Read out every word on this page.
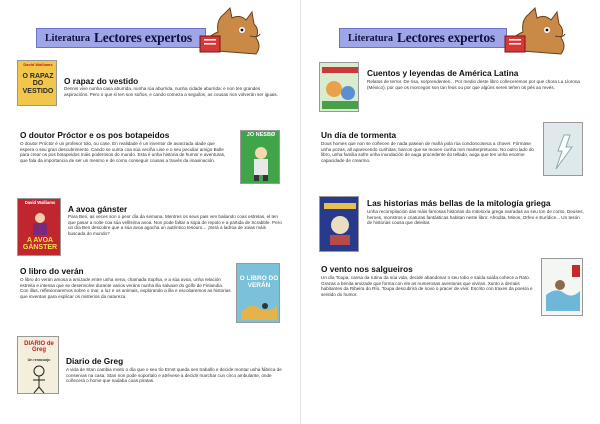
Literatura Lectores expertos
David Walliams
O RAPAZ DO VESTIDO
O rapaz do vestido
Dennis vive nunha casa aburrida, nunha rúa aburrida, nunha cidade aburrida; e non ten grandes aspiracións. Pero o que si ten son soños, e cando comeza a seguilos, as cousas non volverán ser iguais.
O doutor Próctor e os pos botapeidos
O doutor Próctor é un profesor tolo, ou case. En realidade é un inventor de avanzada idade que espera o seu gran descubrimento. Cando se xunta coa súa veciña Lise e o seu peculiar amigo Bulle para crear os pos botapeidos máis poderosos do mundo. Esta é unha historia de humor e aventuras, que fala da importancia de ser un mesmo e de como conseguir cousas a través da imaxinación.
JO NESBØ
David Walliams
A AVOA GÁNSTER
A avoa gánster
Para Ben, as veces son o peor día da semana. Mentres os seus pais ven bailando coas estrelas, el ten que pasar a noite coa súa vellísima avoa. Non pode faltar a sopa de repolo e a partida de Scrabble. Pero un día Ben descobre que a súa avoa agocha un auténtico tesouro... ¡Será a ladroa de xoias máis buscada do mundo?
O libro do verán
O libro do verán amosa a amizade entre unha nena, chamada Sophia, e a súa avoa, unha relación estreita e intensa que se desenvolve durante varios veráns nunha illa salvaxe do golfo de Finlandia. Con illas, reflexionaremos sobre o mar, a luz e os animais, explorando a illa e escoitaremos as historias que inventan para explicar os misterios da natureza.
O LIBRO DO VERÁN
DIARIO de Greg
Un renacuajo	Diario de Greg
A vida de Stan cambia moito o día que o seu tío Ernst queda sen traballo e decide montar unha fábrica de conservas na casa. Stan non pode soportalo e atrévese a decidir marchar cun circo ambulante, onde coñecerá o home que nadaba coas piratas.
Literatura Lectores expertos
Cuentos y leyendas de América Latina
Relatos de terror. De risa, sorprendentes... Por medio deste libro coñeceremos por que chora La Llorona (México), por que os morcegos son tan feos ou por que algúns seres teñen os pés ao revés.
Un día de tormenta
Dous homes que non se coñecen de nada pasean de mañá pola rúa condoncoseca a chover. Fórmase unha pozas, all aparecendo cunhitas, barcos que se moven cunha non marterpretuoso. No outro lado do libro, unha familia sofre unha inundación de auga procedente do tellado, auga que ten unha enorme capacidade de crearmo.
Las historias más bellas de la mitología griega
Unha recompilación das máis famosas historias da mitoloxía grega narradas ao seu ton de conto. Deuses, heroes, monstros e criaturas fantásticas habitan neste libro: Afrodita, Minos, Orfeo e Eurídice... Un tesón de historias cousa que deleitar.
O vento nos salgueiros
Un día Toupa, cansa da rutina da súa vida, decide abandonar o seu tobo e saída saída cohece a Rato. Grazas a benita amizade que forma con ele as numerosas aventuras que viviran. Xunto a demais habitantes da Ribeira do Río, Toupa descubrirá de novo o pracer de vivir. Escrito con traxes da poesía e sentido do humor.
